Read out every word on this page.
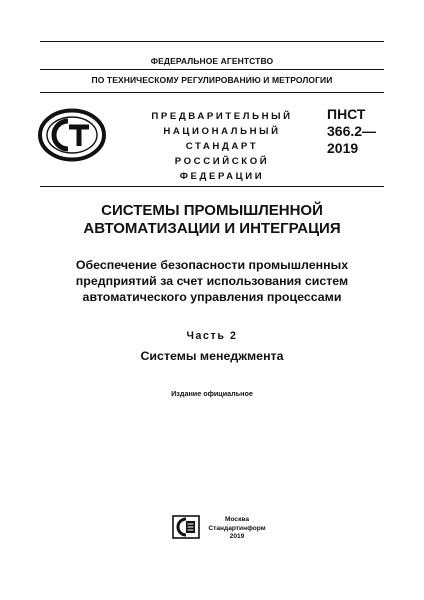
ФЕДЕРАЛЬНОЕ АГЕНТСТВО
ПО ТЕХНИЧЕСКОМУ РЕГУЛИРОВАНИЮ И МЕТРОЛОГИИ
ПРЕДВАРИТЕЛЬНЫЙ
НАЦИОНАЛЬНЫЙ
СТАНДАРТ
РОССИЙСКОЙ
ФЕДЕРАЦИИ
ПНСТ
366.2—
2019
СИСТЕМЫ ПРОМЫШЛЕННОЙ
АВТОМАТИЗАЦИИ И ИНТЕГРАЦИЯ
Обеспечение безопасности промышленных
предприятий за счет использования систем
автоматического управления процессами
Часть 2
Системы менеджмента
Издание официальное
Москва
Стандартинформ
2019
